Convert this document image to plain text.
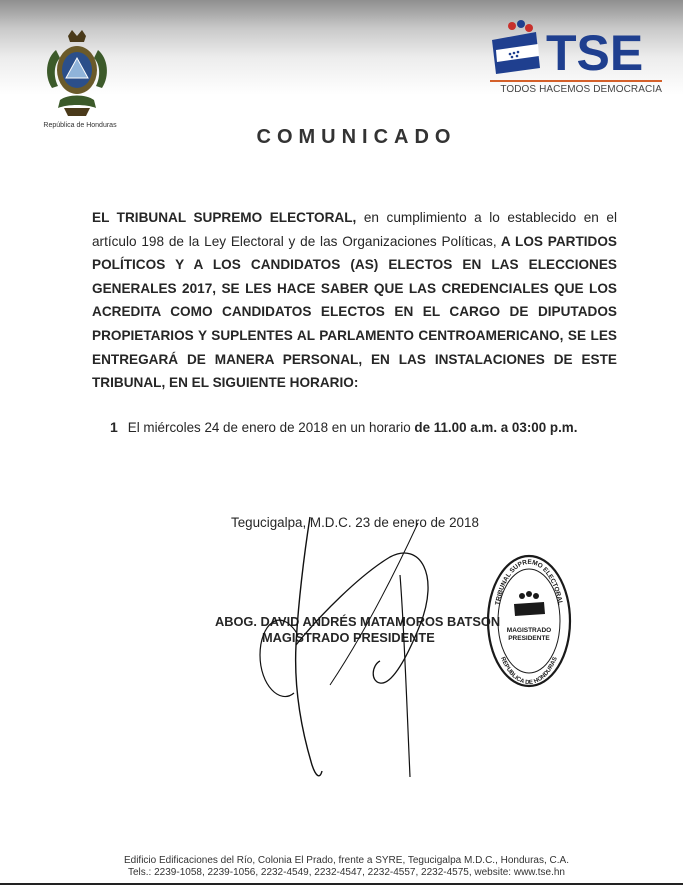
República de Honduras
TSE
TODOS HACEMOS DEMOCRACIA
COMUNICADO
EL TRIBUNAL SUPREMO ELECTORAL, en cumplimiento a lo establecido en el artículo 198 de la Ley Electoral y de las Organizaciones Políticas, A LOS PARTIDOS POLÍTICOS Y A LOS CANDIDATOS (AS) ELECTOS EN LAS ELECCIONES GENERALES 2017, SE LES HACE SABER QUE LAS CREDENCIALES QUE LOS ACREDITA COMO CANDIDATOS ELECTOS EN EL CARGO DE DIPUTADOS PROPIETARIOS Y SUPLENTES AL PARLAMENTO CENTROAMERICANO, SE LES ENTREGARÁ DE MANERA PERSONAL, EN LAS INSTALACIONES DE ESTE TRIBUNAL, EN EL SIGUIENTE HORARIO:
1 El miércoles 24 de enero de 2018 en un horario de 11.00 a.m. a 03:00 p.m.
Tegucigalpa, M.D.C. 23 de enero de 2018
ABOG. DAVID ANDRÉS MATAMOROS BATSON
MAGISTRADO PRESIDENTE
TRIBUNAL SUPREMO ELECTORAL
REPUBLICA DE HONDURAS
MAGISTRADO
PRESIDENTE
Edificio Edificaciones del Río, Colonia El Prado, frente a SYRE, Tegucigalpa M.D.C., Honduras, C.A.
Tels.: 2239-1058, 2239-1056, 2232-4549, 2232-4547, 2232-4557, 2232-4575, website: www.tse.hn
